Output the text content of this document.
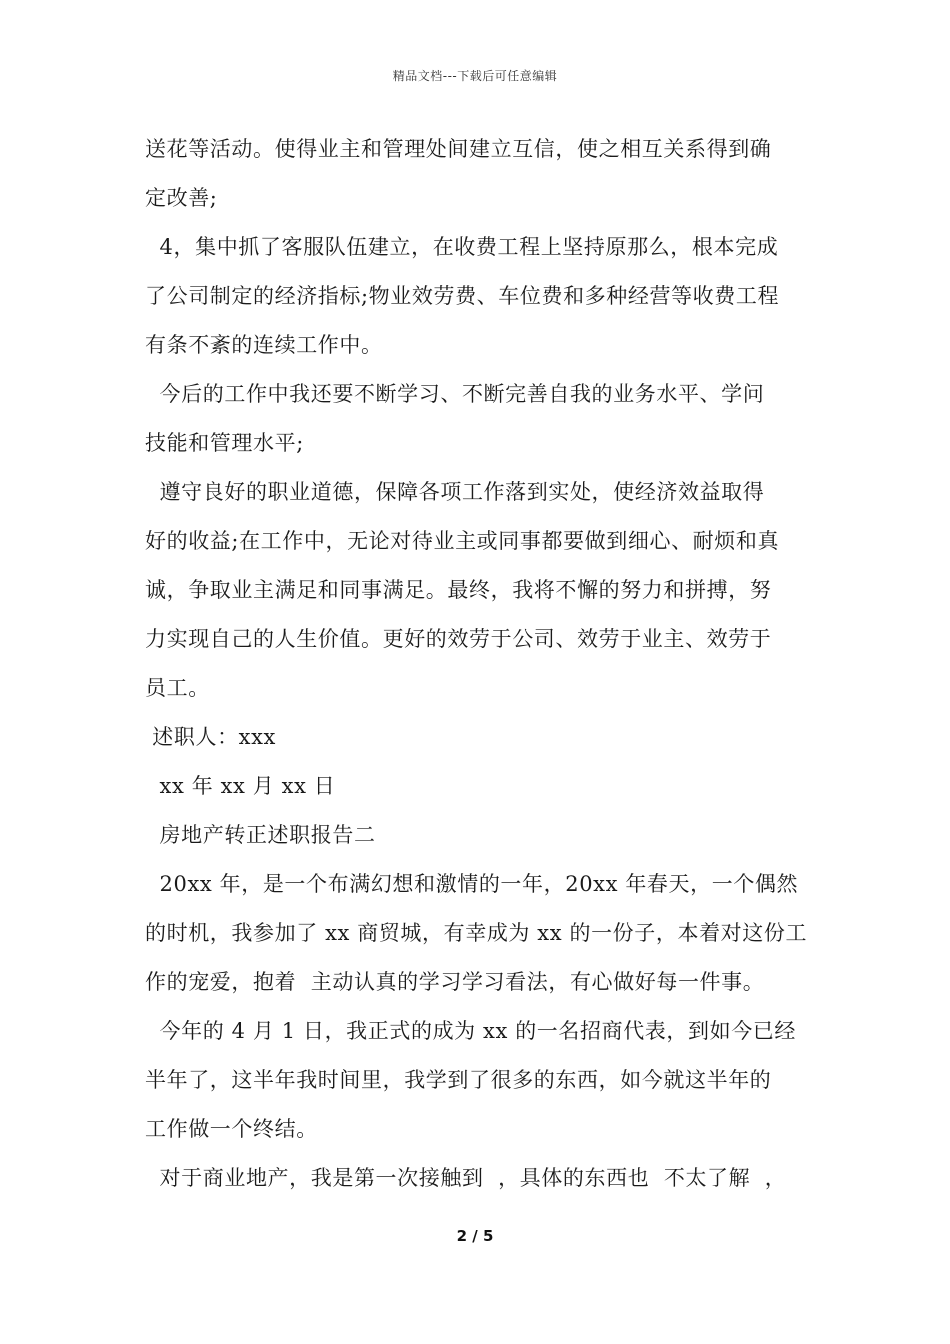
精品文档---下载后可任意编辑
送花等活动。使得业主和管理处间建立互信，使之相互关系得到确
定改善;
4，集中抓了客服队伍建立，在收费工程上坚持原那么，根本完成
了公司制定的经济指标;物业效劳费、车位费和多种经营等收费工程
有条不紊的连续工作中。
今后的工作中我还要不断学习、不断完善自我的业务水平、学问
技能和管理水平;
遵守良好的职业道德，保障各项工作落到实处，使经济效益取得
好的收益;在工作中，无论对待业主或同事都要做到细心、耐烦和真
诚，争取业主满足和同事满足。最终，我将不懈的努力和拼搏，努
力实现自己的人生价值。更好的效劳于公司、效劳于业主、效劳于
员工。
述职人：xxx
xx 年 xx 月 xx 日
房地产转正述职报告二
20xx 年，是一个布满幻想和激情的一年，20xx 年春天，一个偶然
的时机，我参加了 xx 商贸城，有幸成为 xx 的一份子，本着对这份工
作的宠爱，抱着  主动认真的学习学习看法，有心做好每一件事。
今年的 4 月 1 日，我正式的成为 xx 的一名招商代表，到如今已经
半年了，这半年我时间里，我学到了很多的东西，如今就这半年的
工作做一个终结。
对于商业地产，我是第一次接触到  ，具体的东西也  不太了解  ，
2 / 5
